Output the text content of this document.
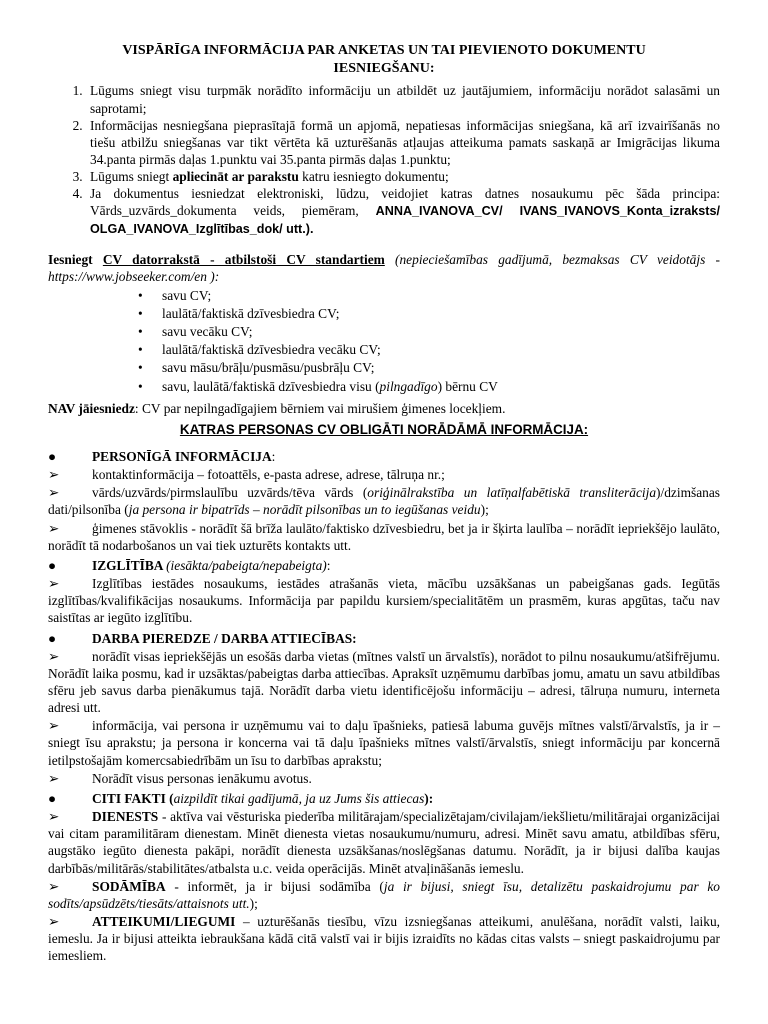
VISPĀRĪGA INFORMĀCIJA PAR ANKETAS UN TAI PIEVIENOTO DOKUMENTU IESNIEGŠANU:
1. Lūgums sniegt visu turpmāk norādīto informāciju un atbildēt uz jautājumiem, informāciju norādot salasāmi un saprotami;
2. Informācijas nesniegšana pieprasītajā formā un apjomā, nepatiesas informācijas sniegšana, kā arī izvairīšanās no tiešu atbilžu sniegšanas var tikt vērtēta kā uzturēšanās atļaujas atteikuma pamats saskaņā ar Imigrācijas likuma 34.panta pirmās daļas 1.punktu vai 35.panta pirmās daļas 1.punktu;
3. Lūgums sniegt apliecināt ar parakstu katru iesniegto dokumentu;
4. Ja dokumentus iesniedzat elektroniski, lūdzu, veidojiet katras datnes nosaukumu pēc šāda principa: Vārds_uzvārds_dokumenta veids, piemēram, ANNA_IVANOVA_CV/ IVANS_IVANOVS_Konta_izraksts/ OLGA_IVANOVA_Izglītības_dok/ utt.).

Iesniegt CV datorrakstā - atbilstoši CV standartiem (nepieciešamības gadījumā, bezmaksas CV veidotājs - https://www.jobseeker.com/en ):

• savu CV;
• laulātā/faktiskā dzīvesbiedra CV;
• savu vecāku CV;
• laulātā/faktiskā dzīvesbiedra vecāku CV;
• savu māsu/brāļu/pusmāsu/pusbrāļu CV;
• savu, laulātā/faktiskā dzīvesbiedra visu (pilngadīgo) bērnu CV
NAV jāiesniedz: CV par nepilngadīgajiem bērniem vai mirušiem ģimenes locekļiem.
KATRAS PERSONAS CV OBLIGĀTI NORĀDĀMĀ INFORMĀCIJA:
●	PERSONĪGĀ INFORMĀCIJA:
➢ kontaktinformācija – fotoattēls, e-pasta adrese, adrese, tālruņa nr.;
➢ vārds/uzvārds/pirmslaulību uzvārds/tēva vārds (oriģinālrakstība un latīņalfabētiskā transliterācija)/dzimšanas dati/pilsonība (ja persona ir bipatrīds – norādīt pilsonības un to iegūšanas veidu);
➢ ģimenes stāvoklis - norādīt šā brīža laulāto/faktisko dzīvesbiedru, bet ja ir šķirta laulība – norādīt iepriekšējo laulāto, norādīt tā nodarbošanos un vai tiek uzturēts kontakts utt.
●	IZGLĪTĪBA (iesākta/pabeigta/nepabeigta):
➢ Izglītības iestādes nosaukums, iestādes atrašanās vieta, mācību uzsākšanas un pabeigšanas gads. Iegūtās izglītības/kvalifikācijas nosaukums. Informācija par papildu kursiem/specialitātēm un prasmēm, kuras apgūtas, taču nav saistītas ar iegūto izglītību.
●	DARBA PIEREDZE / DARBA ATTIECĪBAS:
➢ norādīt visas iepriekšējās un esošās darba vietas (mītnes valstī un ārvalstīs), norādot to pilnu nosaukumu/atšifrējumu. Norādīt laika posmu, kad ir uzsāktas/pabeigtas darba attiecības. Apraksīt uzņēmumu darbības jomu, amatu un savu atbildības sfēru jeb savus darba pienākumus tajā. Norādīt darba vietu identificējošu informāciju – adresi, tālruņa numuru, interneta adresi utt.
➢ informācija, vai persona ir uzņēmumu vai to daļu īpašnieks, patiesā labuma guvējs mītnes valstī/ārvalstīs, ja ir – sniegt īsu aprakstu; ja persona ir koncerna vai tā daļu īpašnieks mītnes valstī/ārvalstīs, sniegt informāciju par koncernā ietilpstošajām komercsabiedrībām un īsu to darbības aprakstu;
➢ Norādīt visus personas ienākumu avotus.
●	CITI FAKTI (aizpildīt tikai gadījumā, ja uz Jums šis attiecas):
➢ DIENESTS - aktīva vai vēsturiska piederība militārajam/specializētajam/civilajam/iekšlietu/militārajai organizācijai vai citam paramilitāram dienestam. Minēt dienesta vietas nosaukumu/numuru, adresi. Minēt savu amatu, atbildības sfēru, augstāko iegūto dienesta pakāpi, norādīt dienesta uzsākšanas/noslēgšanas datumu. Norādīt, ja ir bijusi dalība kaujas darbībās/militārās/stabilitātes/atbalsta u.c. veida operācijās. Minēt atvaļināšanās iemeslu.
➢ SODĀMĪBA - informēt, ja ir bijusi sodāmība (ja ir bijusi, sniegt īsu, detalizētu paskaidrojumu par ko sodīts/apsūdzēts/tiesāts/attaisnots utt.);
➢ ATTEIKUMI/LIEGUMI – uzturēšanās tiesību, vīzu izsniegšanas atteikumi, anulēšana, norādīt valsti, laiku, iemeslu. Ja ir bijusi atteikta iebraukšana kādā citā valstī vai ir bijis izraidīts no kādas citas valsts – sniegt paskaidrojumu par iemesliem.
